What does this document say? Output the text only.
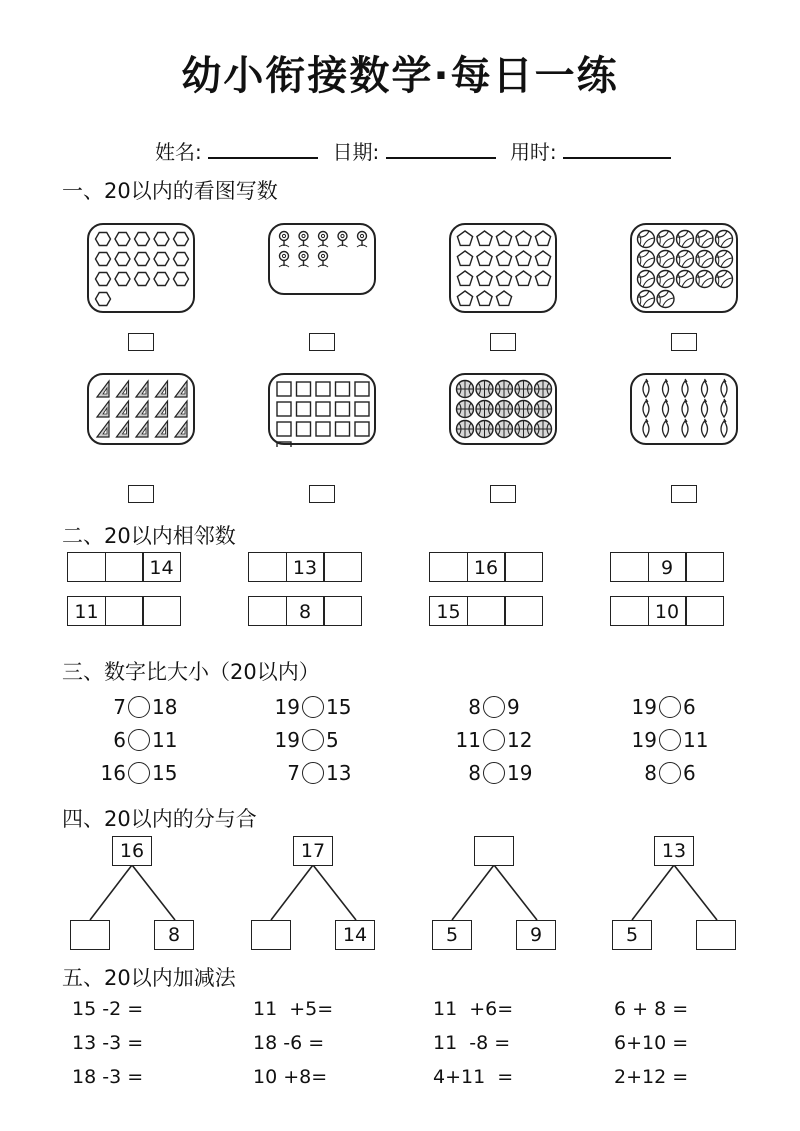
幼小衔接数学·每日一练
姓名:	日期:	用时:
一、20以内的看图写数
二、20以内相邻数
14	13	16	9
11	8	15	10
三、数字比大小（20以内）
7 18	19 15	8 9	19 6
6 11	19 5	11 12	19 11
16 15	7 13	8 19	8 6
四、20以内的分与合
16
8
17
14	5	9
13
5
五、20以内加减法
15 -2 =	11  +5=	11  +6=	6 + 8 =
13 -3 =	18 -6 =	11  -8 =	6+10 =
18 -3 =	10 +8=	4+11  =	2+12 =
